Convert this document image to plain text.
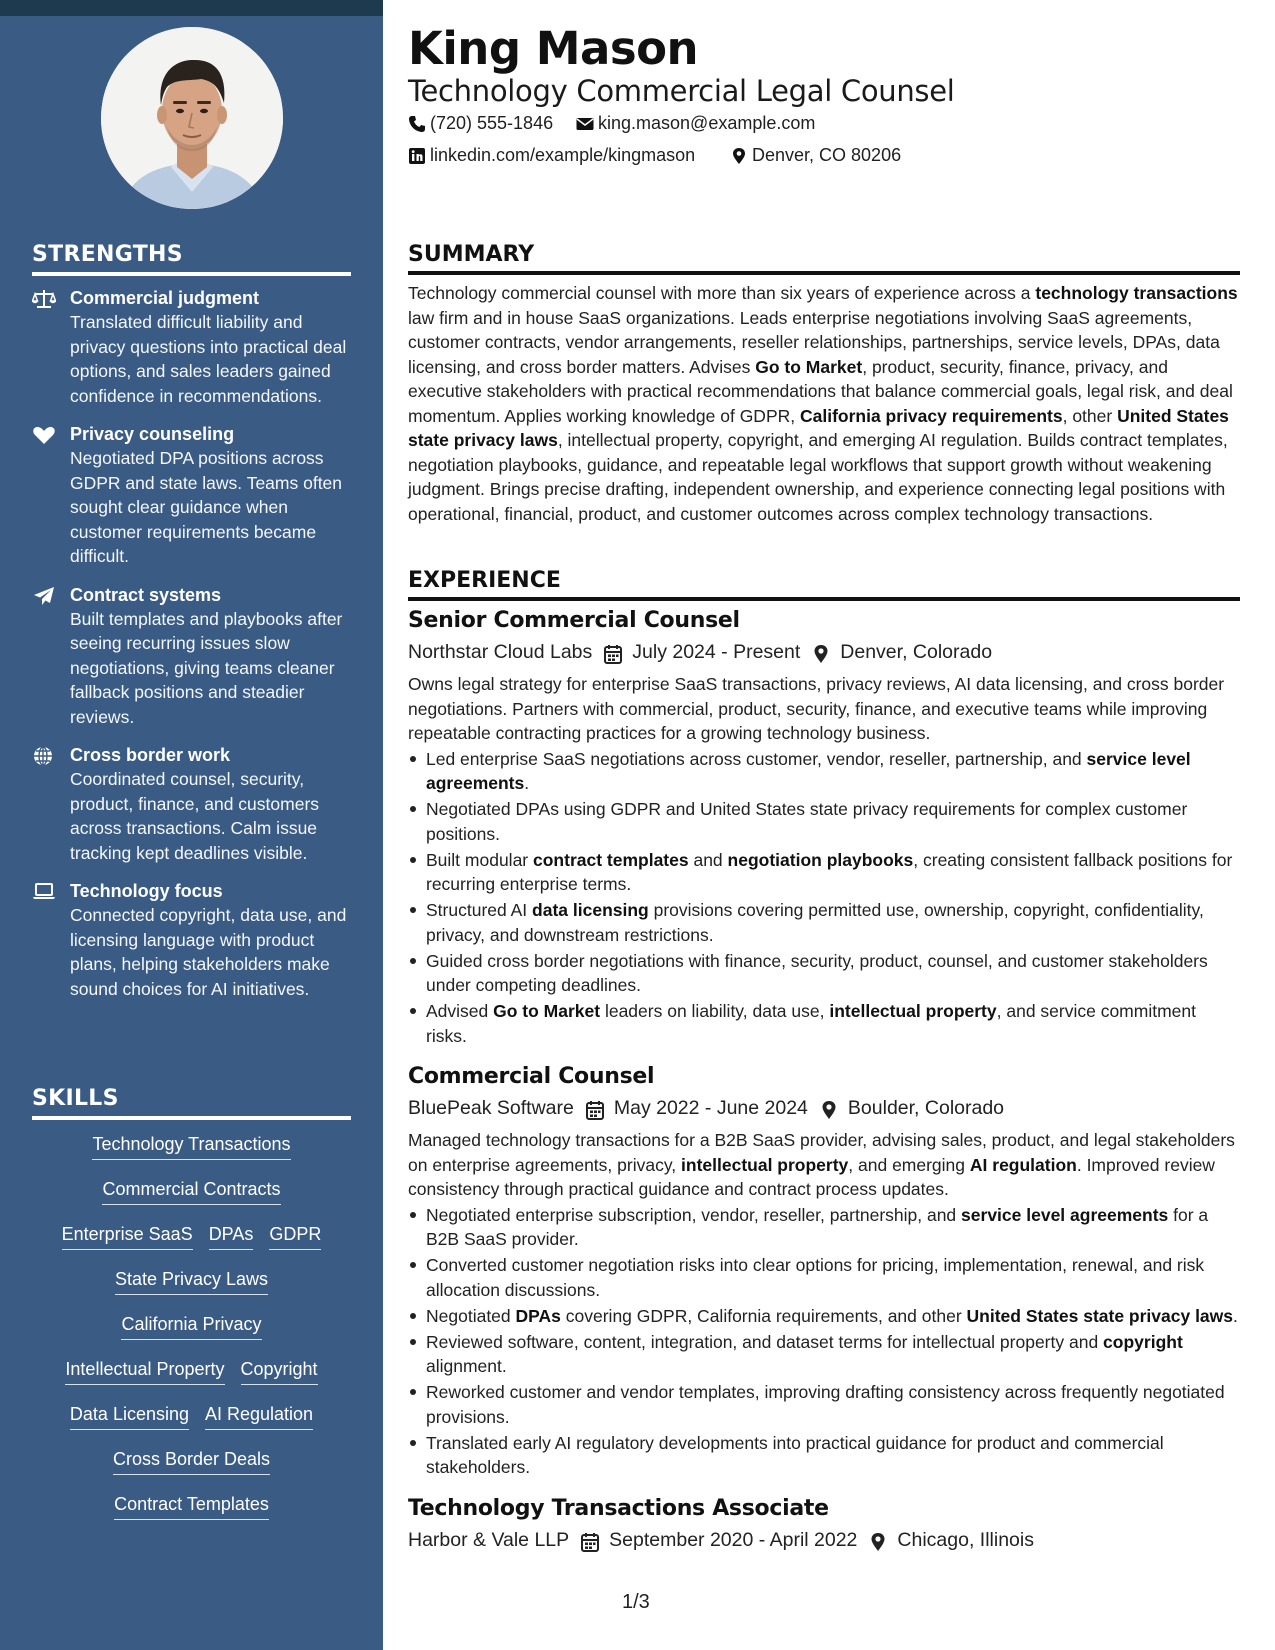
STRENGTHS
Commercial judgment
Translated difficult liability and privacy questions into practical deal options, and sales leaders gained confidence in recommendations.
Privacy counseling
Negotiated DPA positions across GDPR and state laws. Teams often sought clear guidance when customer requirements became difficult.
Contract systems
Built templates and playbooks after seeing recurring issues slow negotiations, giving teams cleaner fallback positions and steadier reviews.
Cross border work
Coordinated counsel, security, product, finance, and customers across transactions. Calm issue tracking kept deadlines visible.
Technology focus
Connected copyright, data use, and licensing language with product plans, helping stakeholders make sound choices for AI initiatives.
SKILLS
Technology Transactions
Commercial Contracts
Enterprise SaaS DPAs GDPR
State Privacy Laws
California Privacy
Intellectual Property Copyright
Data Licensing AI Regulation
Cross Border Deals
Contract Templates
King Mason
Technology Commercial Legal Counsel
(720) 555-1846 king.mason@example.com
linkedin.com/example/kingmason	Denver, CO 80206
SUMMARY
Technology commercial counsel with more than six years of experience across a technology transactions law firm and in house SaaS organizations. Leads enterprise negotiations involving SaaS agreements, customer contracts, vendor arrangements, reseller relationships, partnerships, service levels, DPAs, data licensing, and cross border matters. Advises Go to Market, product, security, finance, privacy, and executive stakeholders with practical recommendations that balance commercial goals, legal risk, and deal momentum. Applies working knowledge of GDPR, California privacy requirements, other United States state privacy laws, intellectual property, copyright, and emerging AI regulation. Builds contract templates, negotiation playbooks, guidance, and repeatable legal workflows that support growth without weakening judgment. Brings precise drafting, independent ownership, and experience connecting legal positions with operational, financial, product, and customer outcomes across complex technology transactions.
EXPERIENCE
Senior Commercial Counsel
Northstar Cloud Labs July 2024 - Present Denver, Colorado
Owns legal strategy for enterprise SaaS transactions, privacy reviews, AI data licensing, and cross border negotiations. Partners with commercial, product, security, finance, and executive teams while improving repeatable contracting practices for a growing technology business.
Led enterprise SaaS negotiations across customer, vendor, reseller, partnership, and service level agreements.
Negotiated DPAs using GDPR and United States state privacy requirements for complex customer positions.
Built modular contract templates and negotiation playbooks, creating consistent fallback positions for recurring enterprise terms.
Structured AI data licensing provisions covering permitted use, ownership, copyright, confidentiality, privacy, and downstream restrictions.
Guided cross border negotiations with finance, security, product, counsel, and customer stakeholders under competing deadlines.
Advised Go to Market leaders on liability, data use, intellectual property, and service commitment risks.
Commercial Counsel
BluePeak Software May 2022 - June 2024 Boulder, Colorado
Managed technology transactions for a B2B SaaS provider, advising sales, product, and legal stakeholders on enterprise agreements, privacy, intellectual property, and emerging AI regulation. Improved review consistency through practical guidance and contract process updates.
Negotiated enterprise subscription, vendor, reseller, partnership, and service level agreements for a B2B SaaS provider.
Converted customer negotiation risks into clear options for pricing, implementation, renewal, and risk allocation discussions.
Negotiated DPAs covering GDPR, California requirements, and other United States state privacy laws.
Reviewed software, content, integration, and dataset terms for intellectual property and copyright alignment.
Reworked customer and vendor templates, improving drafting consistency across frequently negotiated provisions.
Translated early AI regulatory developments into practical guidance for product and commercial stakeholders.
Technology Transactions Associate
Harbor & Vale LLP September 2020 - April 2022 Chicago, Illinois
1/3
